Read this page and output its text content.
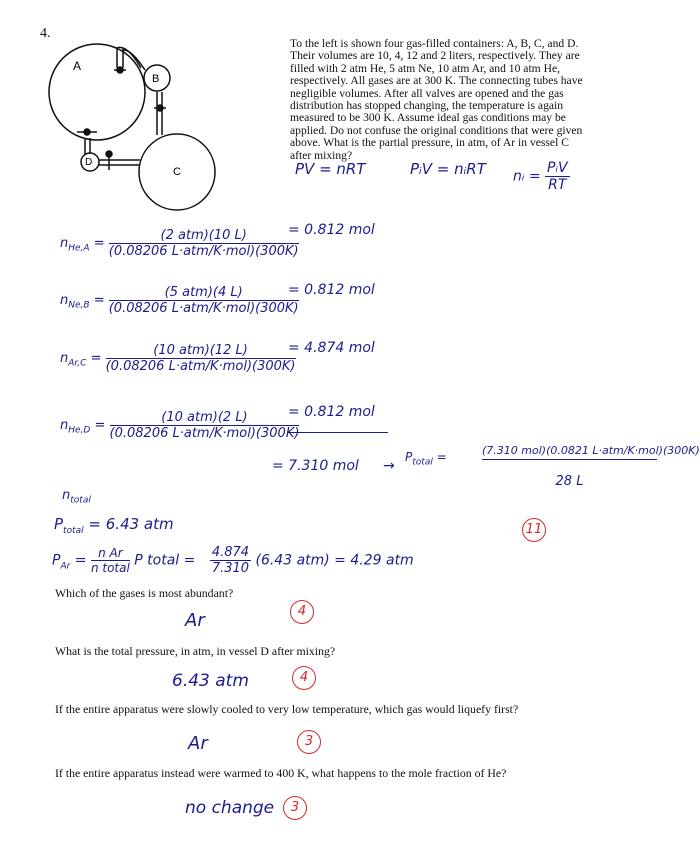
4.
A
B
C
D
To the left is shown four gas-filled containers: A, B, C, and D.
Their volumes are 10, 4, 12 and 2 liters, respectively. They are
filled with 2 atm He, 5 atm Ne, 10 atm Ar, and 10 atm He,
respectively. All gases are at 300 K. The connecting tubes have
negligible volumes. After all valves are opened and the gas
distribution has stopped changing, the temperature is again
measured to be 300 K. Assume ideal gas conditions may be
applied. Do not confuse the original conditions that were given
above. What is the partial pressure, in atm, of Ar in vessel C
after mixing?
PV = nRT	PᵢV = nᵢRT nᵢ = $\frac{\text{PᵢV}}{RT}$
$n_{He,A} = \frac{\text{(2 atm)(10 L)}}{\text{(0.08206 L·atm/K·mol)(300K)}}$
= 0.812 mol
$n_{Ne,B} = \frac{\text{(5 atm)(4 L)}}{\text{(0.08206 L·atm/K·mol)(300K)}}$
= 0.812 mol
$n_{Ar,C} = \frac{\text{(10 atm)(12 L)}}{\text{(0.08206 L·atm/K·mol)(300K)}}$
= 4.874 mol
$n_{He,D} = \frac{\text{(10 atm)(2 L)}}{\text{(0.08206 L·atm/K·mol)(300K)}}$
= 0.812 mol
= 7.310 mol →
$P_{total}$ =	(7.310 mol)(0.0821 L·atm/K·mol)(300K)
28 L
$n_{total}$
$P_{total} = 6.43$ atm
$P_{Ar} = \frac{\text{n Ar}}{\text{n total}}$ P total = $\frac{4.874}{7.310} (6.43$ atm) = 4.29 atm
11
Which of the gases is most abundant?
Ar	4
What is the total pressure, in atm, in vessel D after mixing?
6.43 atm	4
If the entire apparatus were slowly cooled to very low temperature, which gas would liquefy first?
Ar	3
If the entire apparatus instead were warmed to 400 K, what happens to the mole fraction of He?
no change	3
